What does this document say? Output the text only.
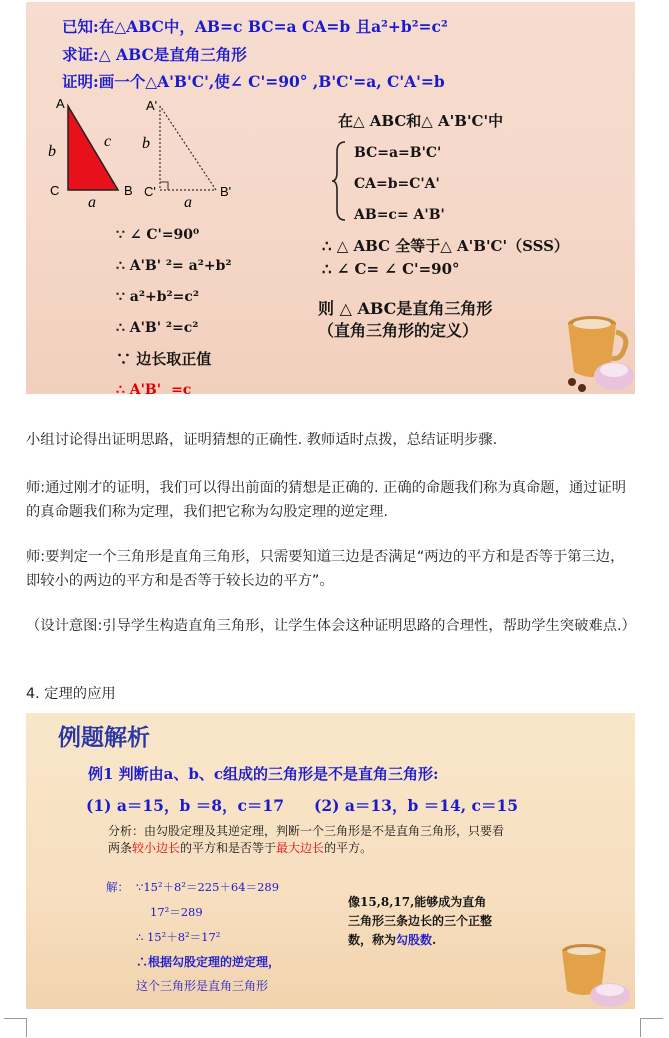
已知:在△ABC中，AB=c BC=a CA=b 且a²+b²=c²
求证:△ ABC是直角三角形
证明:画一个△A'B'C',使∠ C'=90° ,B'C'=a, C'A'=b
A
C	B
b
c
a
A'
C'	B'
b
a
∵ ∠ C'=90⁰
∴ A'B' ²= a²+b²
∵ a²+b²=c²
∴ A'B' ²=c²
∵ 边长取正值
∴ A'B' =c
在△ ABC和△ A'B'C'中
BC=a=B'C'
CA=b=C'A'
AB=c= A'B'
∴ △ ABC 全等于△ A'B'C'（SSS）
∴ ∠ C= ∠ C'=90°
则 △ ABC是直角三角形
（直角三角形的定义）
小组讨论得出证明思路，证明猜想的正确性. 教师适时点拨，总结证明步骤.
师:通过刚才的证明，我们可以得出前面的猜想是正确的. 正确的命题我们称为真命题，通过证明的真命题我们称为定理，我们把它称为勾股定理的逆定理.
师:要判定一个三角形是直角三角形，只需要知道三边是否满足“两边的平方和是否等于第三边，即较小的两边的平方和是否等于较长边的平方”。
（设计意图:引导学生构造直角三角形，让学生体会这种证明思路的合理性，帮助学生突破难点.）
4. 定理的应用
例题解析
例1 判断由a、b、c组成的三角形是不是直角三角形:
(1) a＝15，b ＝8，c＝17 (2) a＝13，b ＝14, c＝15
分析：由勾股定理及其逆定理，判断一个三角形是不是直角三角形，只要看两条较小边长的平方和是否等于最大边长的平方。
解： ∵15²＋8²＝225＋64＝289
17²＝289
∴ 15²＋8²＝17²
∴根据勾股定理的逆定理，
这个三角形是直角三角形
像15,8,17,能够成为直角三角形三条边长的三个正整数，称为勾股数.
